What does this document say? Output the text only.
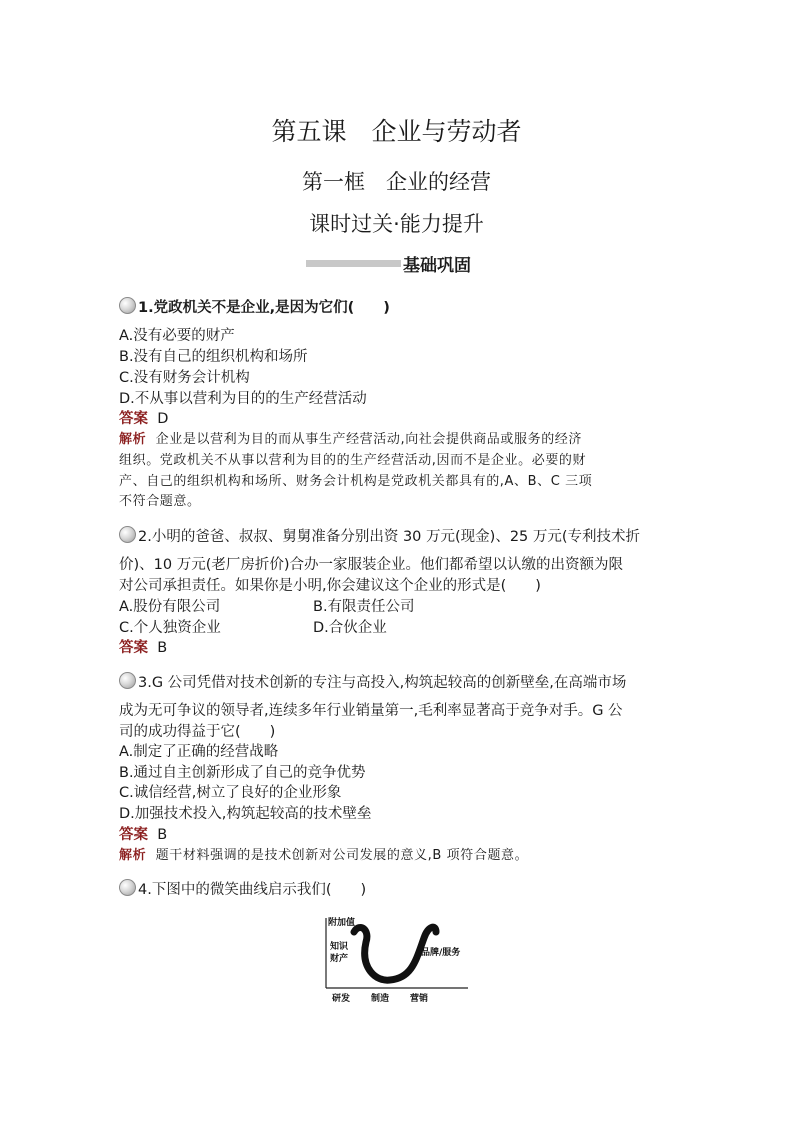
第五课　企业与劳动者
第一框　企业的经营
课时过关·能力提升
基础巩固
1.党政机关不是企业,是因为它们(　　)
A.没有必要的财产
B.没有自己的组织机构和场所
C.没有财务会计机构
D.不从事以营利为目的的生产经营活动
答案 D
解析 企业是以营利为目的而从事生产经营活动,向社会提供商品或服务的经济
组织。党政机关不从事以营利为目的的生产经营活动,因而不是企业。必要的财
产、自己的组织机构和场所、财务会计机构是党政机关都具有的,A、B、C 三项
不符合题意。
2.小明的爸爸、叔叔、舅舅准备分别出资 30 万元(现金)、25 万元(专利技术折
价)、10 万元(老厂房折价)合办一家服装企业。他们都希望以认缴的出资额为限
对公司承担责任。如果你是小明,你会建议这个企业的形式是(　　)
A.股份有限公司	B.有限责任公司
C.个人独资企业	D.合伙企业
答案 B
3.G 公司凭借对技术创新的专注与高投入,构筑起较高的创新壁垒,在高端市场
成为无可争议的领导者,连续多年行业销量第一,毛利率显著高于竞争对手。G 公
司的成功得益于它(　　)
A.制定了正确的经营战略
B.通过自主创新形成了自己的竞争优势
C.诚信经营,树立了良好的企业形象
D.加强技术投入,构筑起较高的技术壁垒
答案 B
解析 题干材料强调的是技术创新对公司发展的意义,B 项符合题意。
4.下图中的微笑曲线启示我们(　　)
附加值
知识
财产
品牌/服务
研发 制造 营销
